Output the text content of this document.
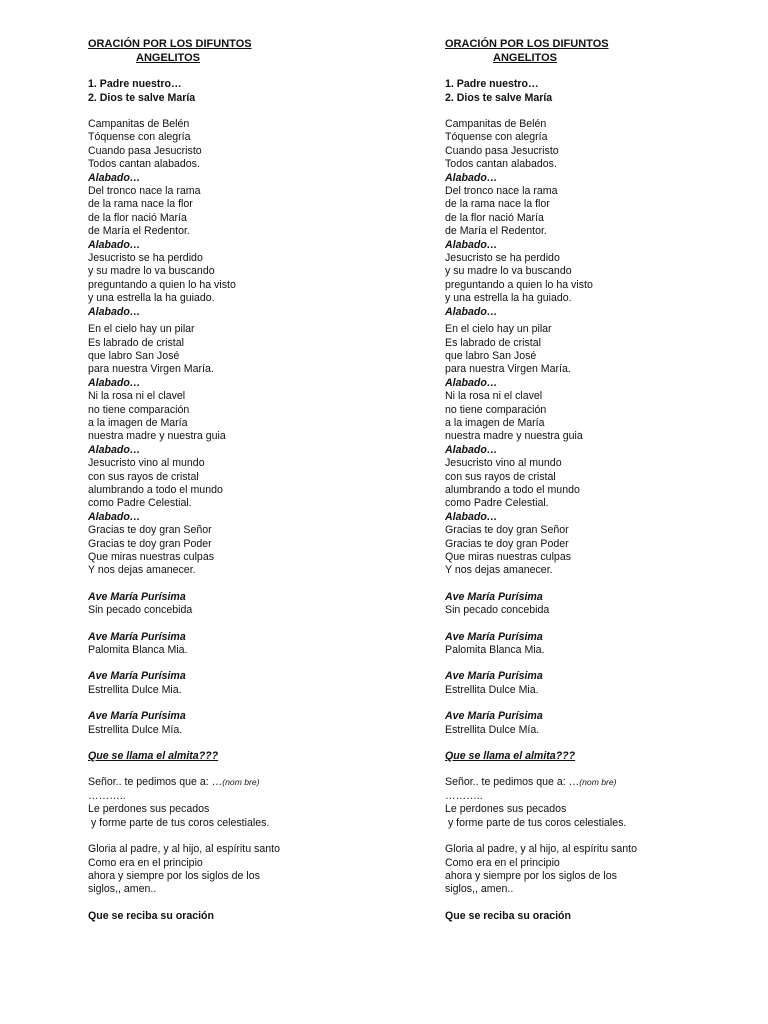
ORACIÓN POR LOS DIFUNTOS
ANGELITOS
1. Padre nuestro…
2. Dios te salve María
Campanitas de Belén
Tóquense con alegría
Cuando pasa Jesucristo
Todos cantan alabados.
Alabado…
Del tronco nace la rama
de la rama nace la flor
de la flor nació María
de María el Redentor.
Alabado…
Jesucristo se ha perdido
y su madre lo va buscando
preguntando a quien lo ha visto
y una estrella la ha guiado.
Alabado…
En el cielo hay un pilar
Es labrado de cristal
que labro San José
para nuestra Virgen María.
Alabado…
Ni la rosa ni el clavel
no tiene comparación
a la imagen de María
nuestra madre y nuestra guia
Alabado…
Jesucristo vino al mundo
con sus rayos de cristal
alumbrando a todo el mundo
como Padre Celestial.
Alabado…
Gracias te doy gran Señor
Gracias te doy gran Poder
Que miras nuestras culpas
Y nos dejas amanecer.
Ave María Purísima
Sin pecado concebida
Ave María Purísima
Palomita Blanca Mia.
Ave María Purísima
Estrellita Dulce Mia.
Ave María Purísima
Estrellita Dulce Mía.
Que se llama el almita???
Señor.. te pedimos que a: …(nom bre)
………..
Le perdones sus pecados
y forme parte de tus coros celestiales.
Gloria al padre, y al hijo, al espíritu santo
Como era en el principio
ahora y siempre por los siglos de los
siglos,, amen..
Que se reciba su oración
ORACIÓN POR LOS DIFUNTOS
ANGELITOS
1. Padre nuestro…
2. Dios te salve María
Campanitas de Belén
Tóquense con alegría
Cuando pasa Jesucristo
Todos cantan alabados.
Alabado…
Del tronco nace la rama
de la rama nace la flor
de la flor nació María
de María el Redentor.
Alabado…
Jesucristo se ha perdido
y su madre lo va buscando
preguntando a quien lo ha visto
y una estrella la ha guiado.
Alabado…
En el cielo hay un pilar
Es labrado de cristal
que labro San José
para nuestra Virgen María.
Alabado…
Ni la rosa ni el clavel
no tiene comparación
a la imagen de María
nuestra madre y nuestra guia
Alabado…
Jesucristo vino al mundo
con sus rayos de cristal
alumbrando a todo el mundo
como Padre Celestial.
Alabado…
Gracias te doy gran Señor
Gracias te doy gran Poder
Que miras nuestras culpas
Y nos dejas amanecer.
Ave María Purísima
Sin pecado concebida
Ave María Purísima
Palomita Blanca Mia.
Ave María Purísima
Estrellita Dulce Mia.
Ave María Purísima
Estrellita Dulce Mía.
Que se llama el almita???
Señor.. te pedimos que a: …(nom bre)
………..
Le perdones sus pecados
y forme parte de tus coros celestiales.
Gloria al padre, y al hijo, al espíritu santo
Como era en el principio
ahora y siempre por los siglos de los
siglos,, amen..
Que se reciba su oración
